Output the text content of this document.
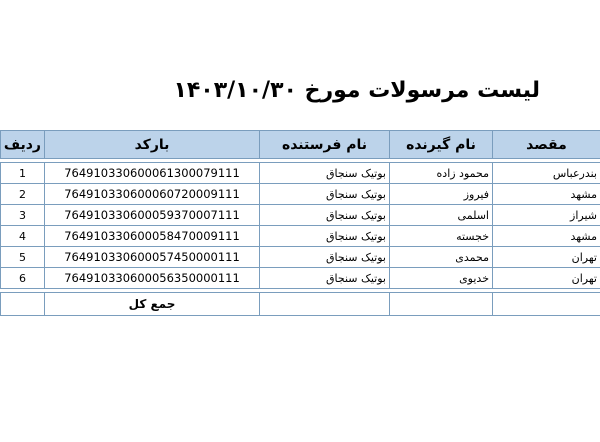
لیست مرسولات مورخ ۱۴۰۳/۱۰/۳۰
ردیف	بارکد	نام فرستنده	نام گیرنده	مقصد

1	764910330600061300079111	بوتیک سنجاق	محمود زاده	بندرعباس
2	764910330600060720009111	بوتیک سنجاق	فیروز	مشهد
3	764910330600059370007111	بوتیک سنجاق	اسلمی	شیراز
4	764910330600058470009111	بوتیک سنجاق	خجسته	مشهد
5	764910330600057450000111	بوتیک سنجاق	محمدی	تهران
6	764910330600056350000111	بوتیک سنجاق	خدیوی	تهران

	جمع کل			
